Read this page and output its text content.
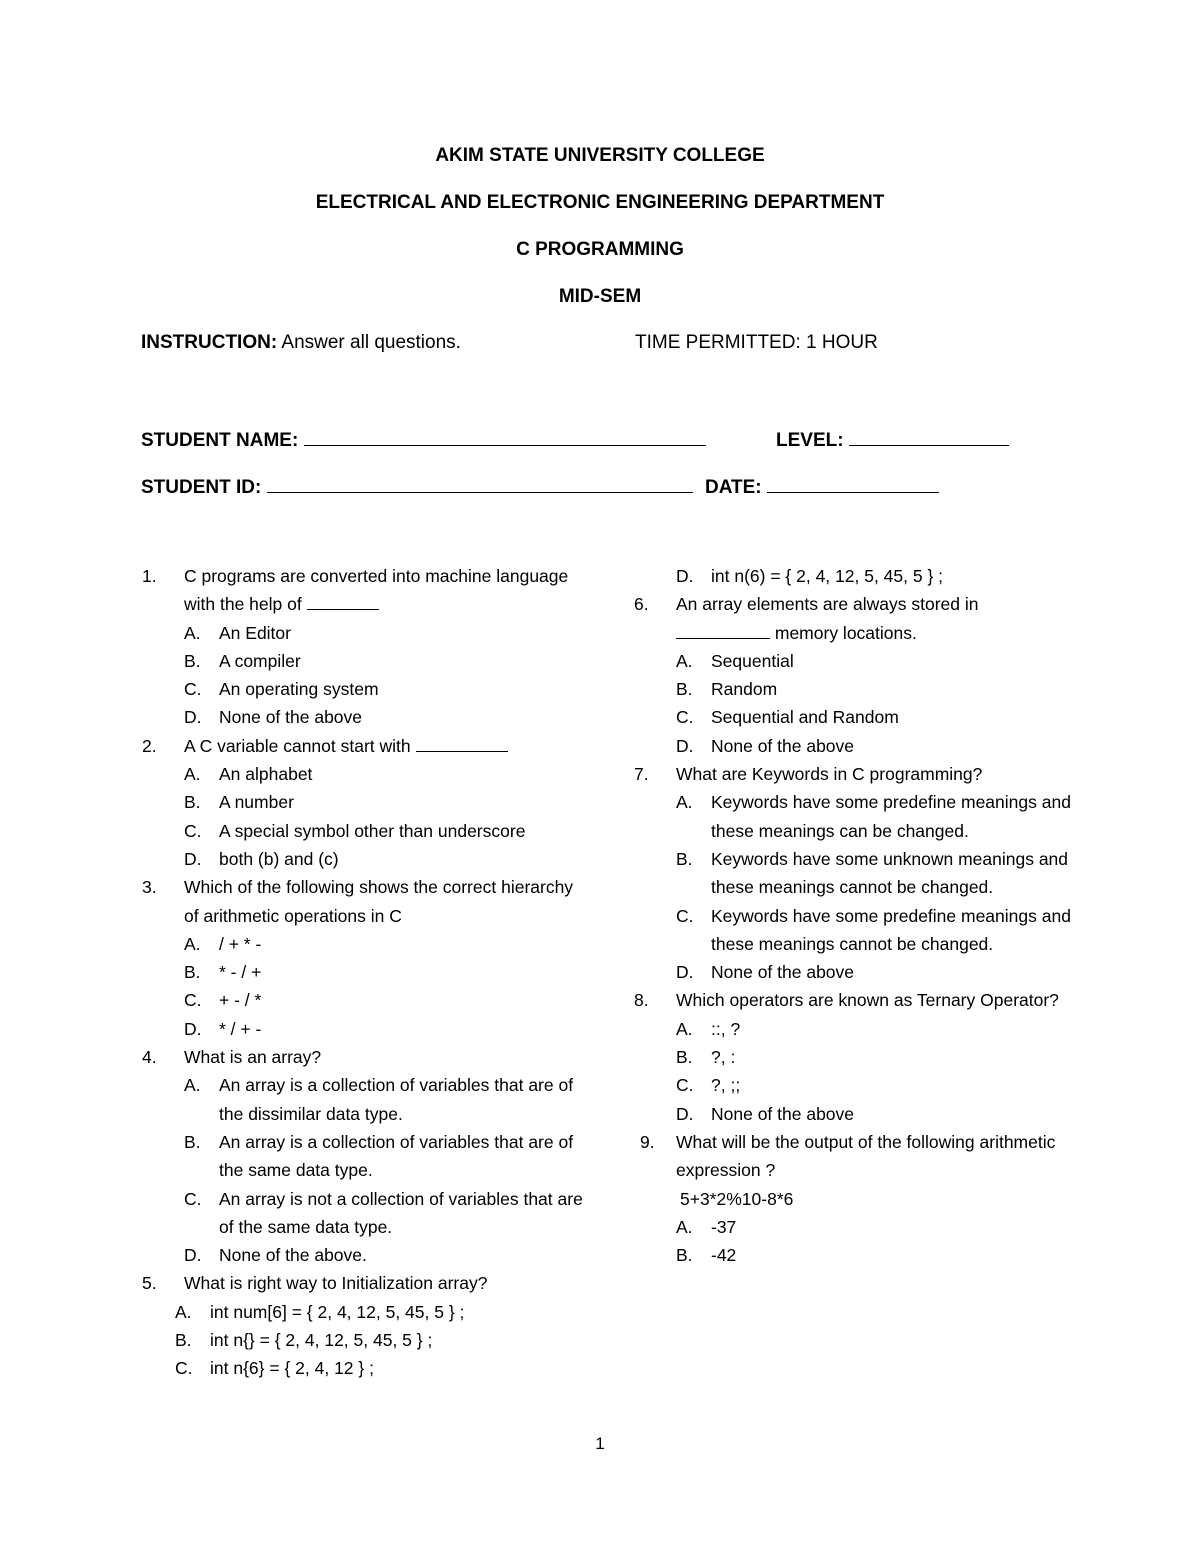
AKIM STATE UNIVERSITY COLLEGE
ELECTRICAL AND ELECTRONIC ENGINEERING DEPARTMENT
C PROGRAMMING
MID-SEM
INSTRUCTION: Answer all questions.	TIME PERMITTED: 1 HOUR
STUDENT NAME:	LEVEL:
STUDENT ID:	DATE:
1. C programs are converted into machine language with the help of
A. An Editor
B. A compiler
C. An operating system
D. None of the above
2. A C variable cannot start with
A. An alphabet
B. A number
C. A special symbol other than underscore
D. both (b) and (c)
3. Which of the following shows the correct hierarchy of arithmetic operations in C
A. / + * -
B. * - / +
C. + - / *
D. * / + -
4. What is an array?
A. An array is a collection of variables that are of the dissimilar data type.
B. An array is a collection of variables that are of the same data type.
C. An array is not a collection of variables that are of the same data type.
D. None of the above.
5. What is right way to Initialization array?
A. int num[6] = { 2, 4, 12, 5, 45, 5 } ;
B. int n{} = { 2, 4, 12, 5, 45, 5 } ;
C. int n{6} = { 2, 4, 12 } ;
D. int n(6) = { 2, 4, 12, 5, 45, 5 } ;
6. An array elements are always stored in
memory locations.
A. Sequential
B. Random
C. Sequential and Random
D. None of the above
7. What are Keywords in C programming?
A. Keywords have some predefine meanings and these meanings can be changed.
B. Keywords have some unknown meanings and these meanings cannot be changed.
C. Keywords have some predefine meanings and these meanings cannot be changed.
D. None of the above
8. Which operators are known as Ternary Operator?
A. ::, ?
B. ?, :
C. ?, ;;
D. None of the above
9. What will be the output of the following arithmetic expression ?
5+3*2%10-8*6
A. -37
B. -42
1
